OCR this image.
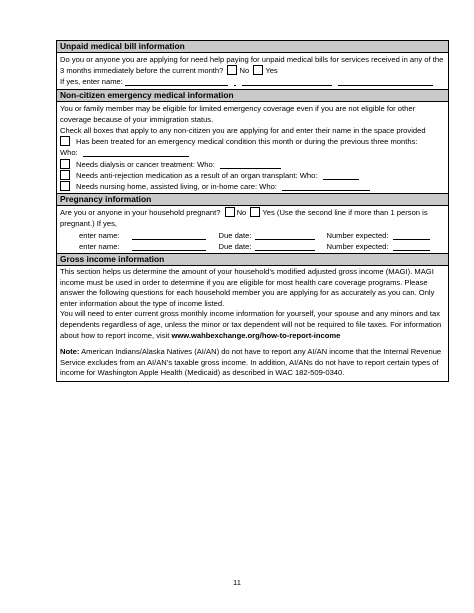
Unpaid medical bill information
Do you or anyone you are applying for need help paying for unpaid medical bills for services received in any of the 3 months immediately before the current month? No Yes
If yes, enter name:
Non-citizen emergency medical information
You or family member may be eligible for limited emergency coverage even if you are not eligible for other coverage because of your immigration status.
Check all boxes that apply to any non-citizen you are applying for and enter their name in the space provided
Has been treated for an emergency medical condition this month or during the previous three months:
Who:
Needs dialysis or cancer treatment: Who:
Needs anti-rejection medication as a result of an organ transplant: Who:
Needs nursing home, assisted living, or in-home care: Who:
Pregnancy information
Are you or anyone in your household pregnant? No Yes (Use the second line if more than 1 person is pregnant.) If yes,
enter name:	Due date:	Number expected:
enter name:	Due date:	Number expected:
Gross income information
This section helps us determine the amount of your household’s modified adjusted gross income (MAGI). MAGI income must be used in order to determine if you are eligible for most health care coverage programs. Please answer the following questions for each household member you are applying for as accurately as you can. Only enter information about the type of income listed.
You will need to enter current gross monthly income information for yourself, your spouse and any minors and tax dependents regardless of age, unless the minor or tax dependent will not be required to file taxes. For information about how to report income, visit www.wahbexchange.org/how-to-report-income
Note: American Indians/Alaska Natives (AI/AN) do not have to report any AI/AN income that the Internal Revenue Service excludes from an AI/AN’s taxable gross income. In addition, AI/ANs do not have to report certain types of income for Washington Apple Health (Medicaid) as described in WAC 182-509-0340.
11
